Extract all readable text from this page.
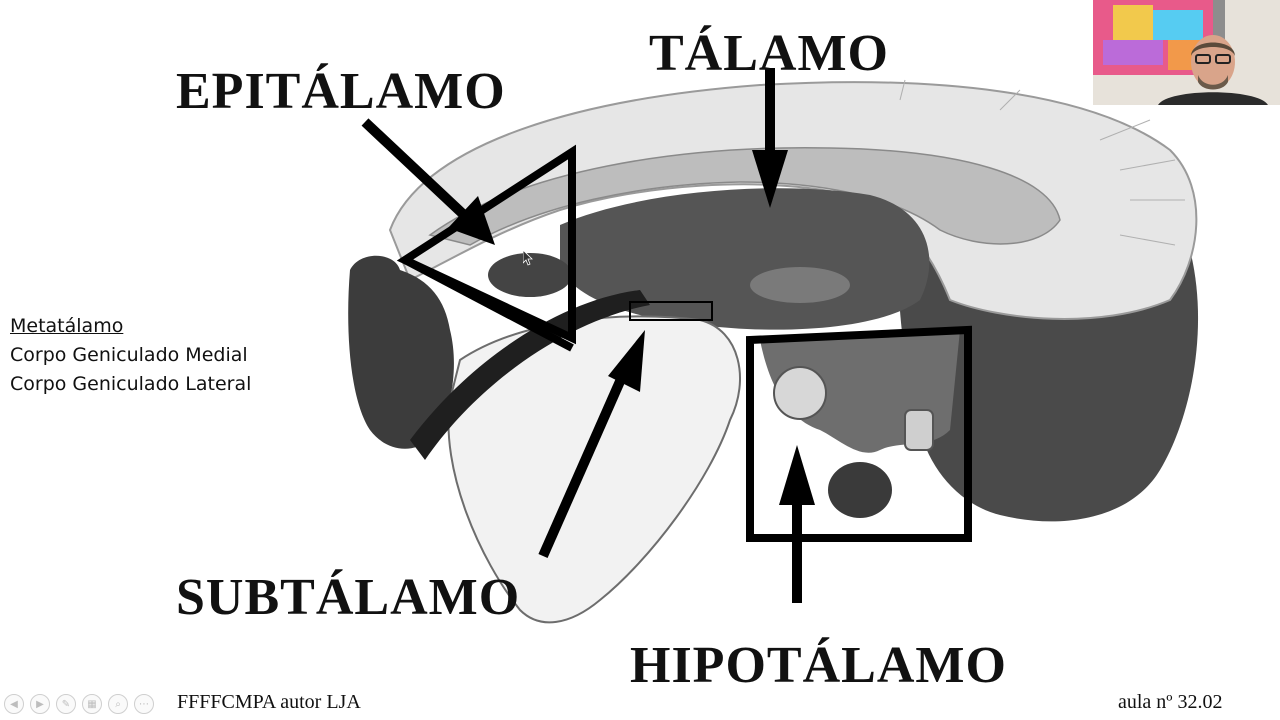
EPITÁLAMO
TÁLAMO
SUBTÁLAMO
HIPOTÁLAMO
Metatálamo
Corpo Geniculado Medial
Corpo Geniculado Lateral
FFFFCMPA autor LJA	aula nº 32.02
◀	▶	✎	▦	⌕	⋯
